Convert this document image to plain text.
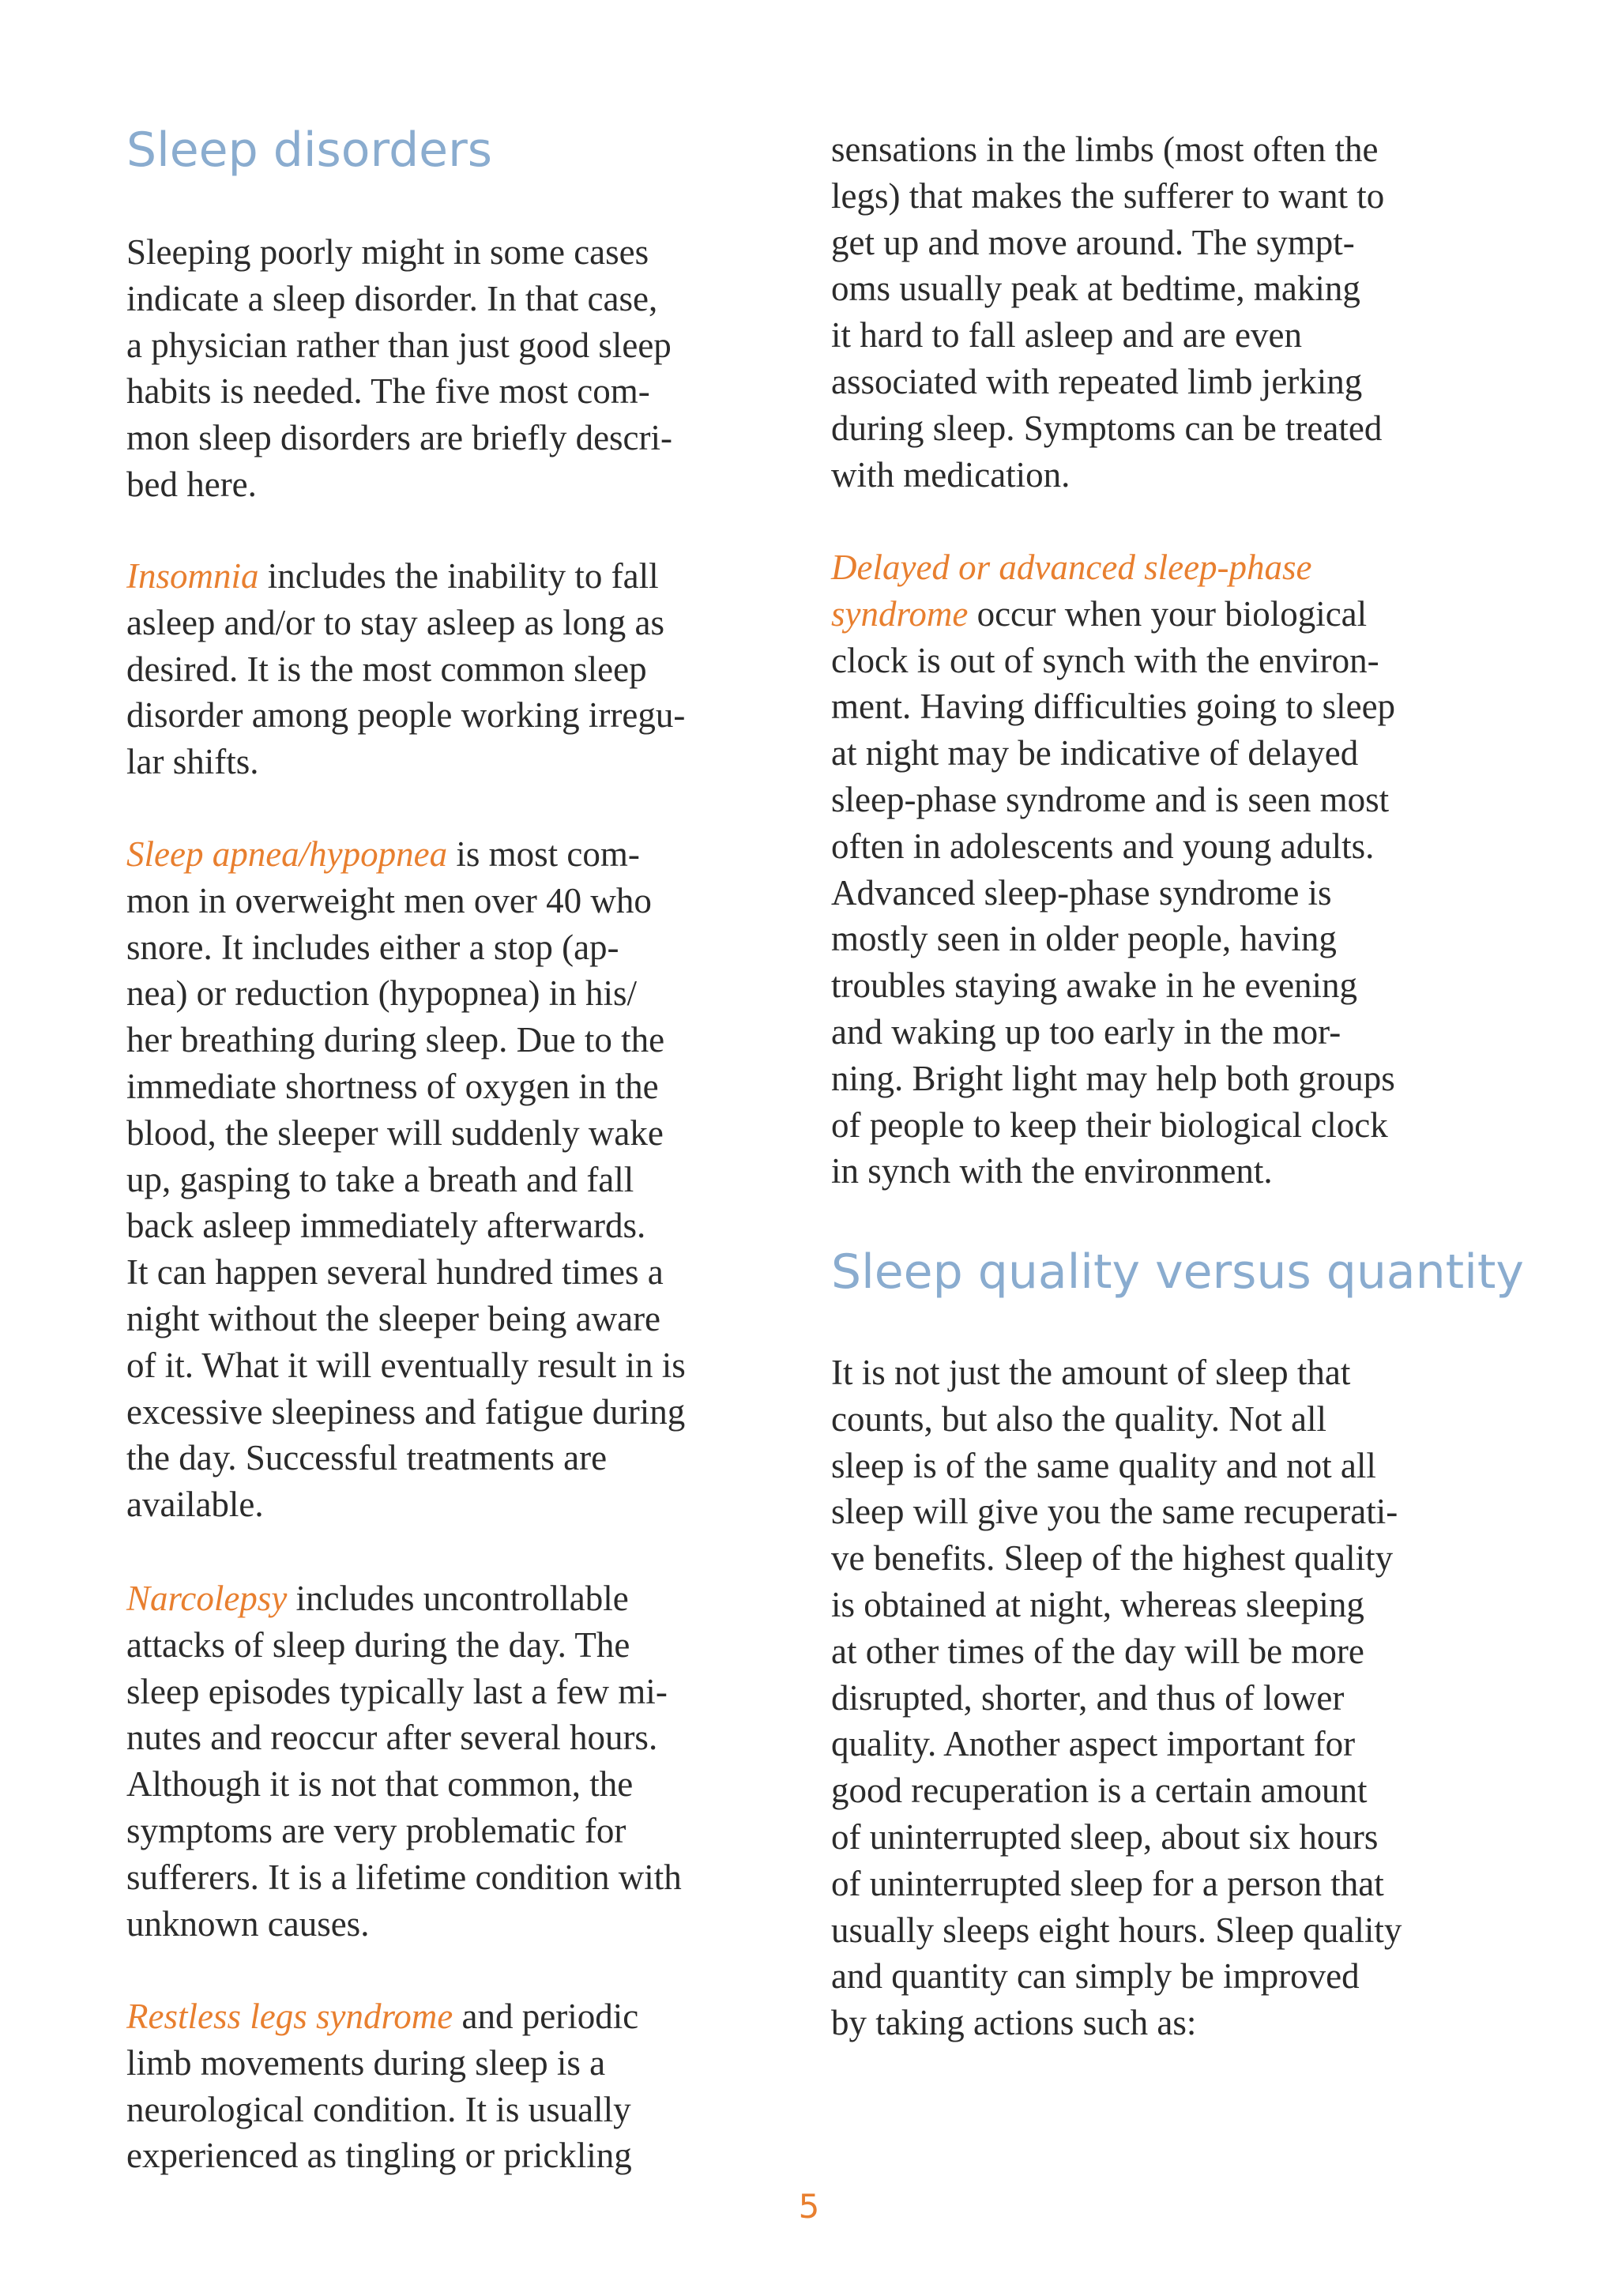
Sleep disorders

Sleeping poorly might in some cases
indicate a sleep disorder. In that case,
a physician rather than just good sleep
habits is needed. The five most com-
mon sleep disorders are briefly descri-
bed here.

Insomnia includes the inability to fall
asleep and/or to stay asleep as long as
desired. It is the most common sleep
disorder among people working irregu-
lar shifts.

Sleep apnea/hypopnea is most com-
mon in overweight men over 40 who
snore. It includes either a stop (ap-
nea) or reduction (hypopnea) in his/
her breathing during sleep. Due to the
immediate shortness of oxygen in the
blood, the sleeper will suddenly wake
up, gasping to take a breath and fall
back asleep immediately afterwards.
It can happen several hundred times a
night without the sleeper being aware
of it. What it will eventually result in is
excessive sleepiness and fatigue during
the day. Successful treatments are
available.

Narcolepsy includes uncontrollable
attacks of sleep during the day. The
sleep episodes typically last a few mi-
nutes and reoccur after several hours.
Although it is not that common, the
symptoms are very problematic for
sufferers. It is a lifetime condition with
unknown causes.

Restless legs syndrome and periodic
limb movements during sleep is a
neurological condition. It is usually
experienced as tingling or prickling

sensations in the limbs (most often the
legs) that makes the sufferer to want to
get up and move around. The sympt-
oms usually peak at bedtime, making
it hard to fall asleep and are even
associated with repeated limb jerking
during sleep. Symptoms can be treated
with medication.

Delayed or advanced sleep-phase
syndrome occur when your biological
clock is out of synch with the environ-
ment. Having difficulties going to sleep
at night may be indicative of delayed
sleep-phase syndrome and is seen most
often in adolescents and young adults.
Advanced sleep-phase syndrome is
mostly seen in older people, having
troubles staying awake in he evening
and waking up too early in the mor-
ning. Bright light may help both groups
of people to keep their biological clock
in synch with the environment.

Sleep quality versus quantity

It is not just the amount of sleep that
counts, but also the quality. Not all
sleep is of the same quality and not all
sleep will give you the same recuperati-
ve benefits. Sleep of the highest quality
is obtained at night, whereas sleeping
at other times of the day will be more
disrupted, shorter, and thus of lower
quality. Another aspect important for
good recuperation is a certain amount
of uninterrupted sleep, about six hours
of uninterrupted sleep for a person that
usually sleeps eight hours. Sleep quality
and quantity can simply be improved
by taking actions such as:

5
